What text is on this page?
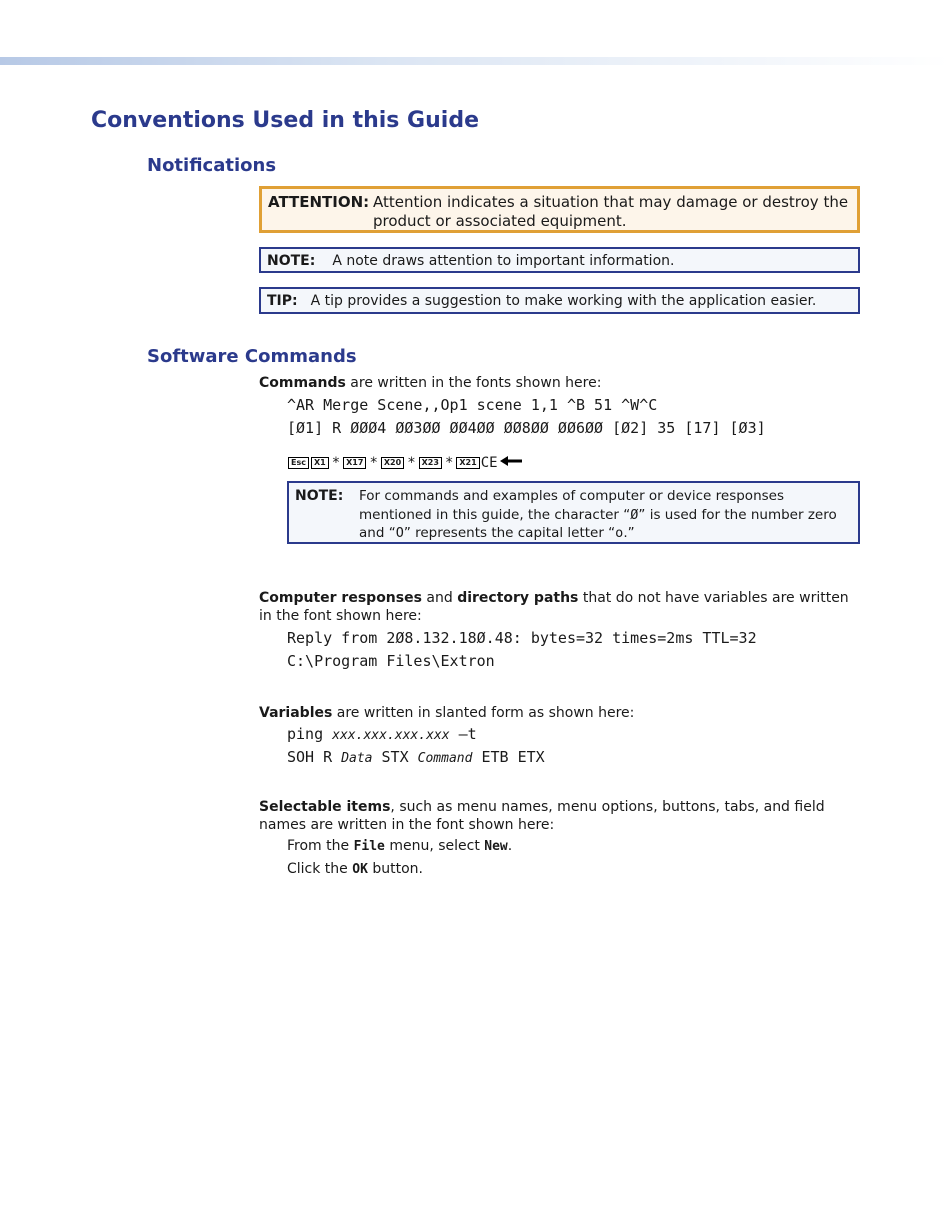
Conventions Used in this Guide
Notifications
ATTENTION: Attention indicates a situation that may damage or destroy the product or associated equipment.
NOTE: A note draws attention to important information.
TIP: A tip provides a suggestion to make working with the application easier.
Software Commands

Commands are written in the fonts shown here:

^AR Merge Scene,,Op1 scene 1,1 ^B 51 ^W^C

[Ø1] R ØØØ4 ØØ3ØØ ØØ4ØØ ØØ8ØØ ØØ6ØØ [Ø2] 35 [17] [Ø3]

Esc	X1 * X17 * X20 * X23 * X21 CE
NOTE:	For commands and examples of computer or device responses mentioned in this guide, the character “Ø” is used for the number zero and “O” represents the capital letter “o.”

Computer responses and directory paths that do not have variables are written in the font shown here:

Reply from 2Ø8.132.18Ø.48: bytes=32 times=2ms TTL=32

C:\Program Files\Extron

Variables are written in slanted form as shown here:

ping xxx.xxx.xxx.xxx —t

SOH R Data STX Command ETB ETX

Selectable items, such as menu names, menu options, buttons, tabs, and field names are written in the font shown here:

From the File menu, select New.

Click the OK button.
